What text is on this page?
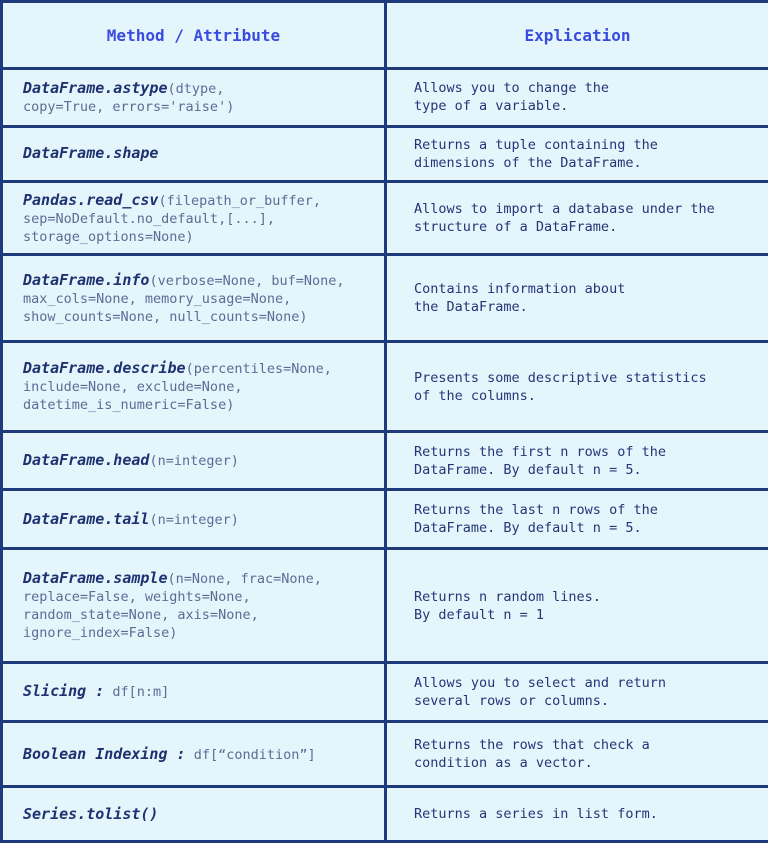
Method / Attribute	Explication
DataFrame.astype(dtype,
copy=True, errors='raise')	Allows you to change the
type of a variable.
DataFrame.shape	Returns a tuple containing the
dimensions of the DataFrame.
Pandas.read_csv(filepath_or_buffer,
sep=NoDefault.no_default,[...],
storage_options=None)	Allows to import a database under the
structure of a DataFrame.
DataFrame.info(verbose=None, buf=None,
max_cols=None, memory_usage=None,
show_counts=None, null_counts=None)	Contains information about
the DataFrame.
DataFrame.describe(percentiles=None,
include=None, exclude=None,
datetime_is_numeric=False)	Presents some descriptive statistics
of the columns.
DataFrame.head(n=integer)	Returns the first n rows of the
DataFrame. By default n = 5.
DataFrame.tail(n=integer)	Returns the last n rows of the
DataFrame. By default n = 5.
DataFrame.sample(n=None, frac=None,
replace=False, weights=None,
random_state=None, axis=None,
ignore_index=False)	Returns n random lines.
By default n = 1
Slicing : df[n:m]	Allows you to select and return
several rows or columns.
Boolean Indexing : df[“condition”]	Returns the rows that check a
condition as a vector.
Series.tolist()	Returns a series in list form.
